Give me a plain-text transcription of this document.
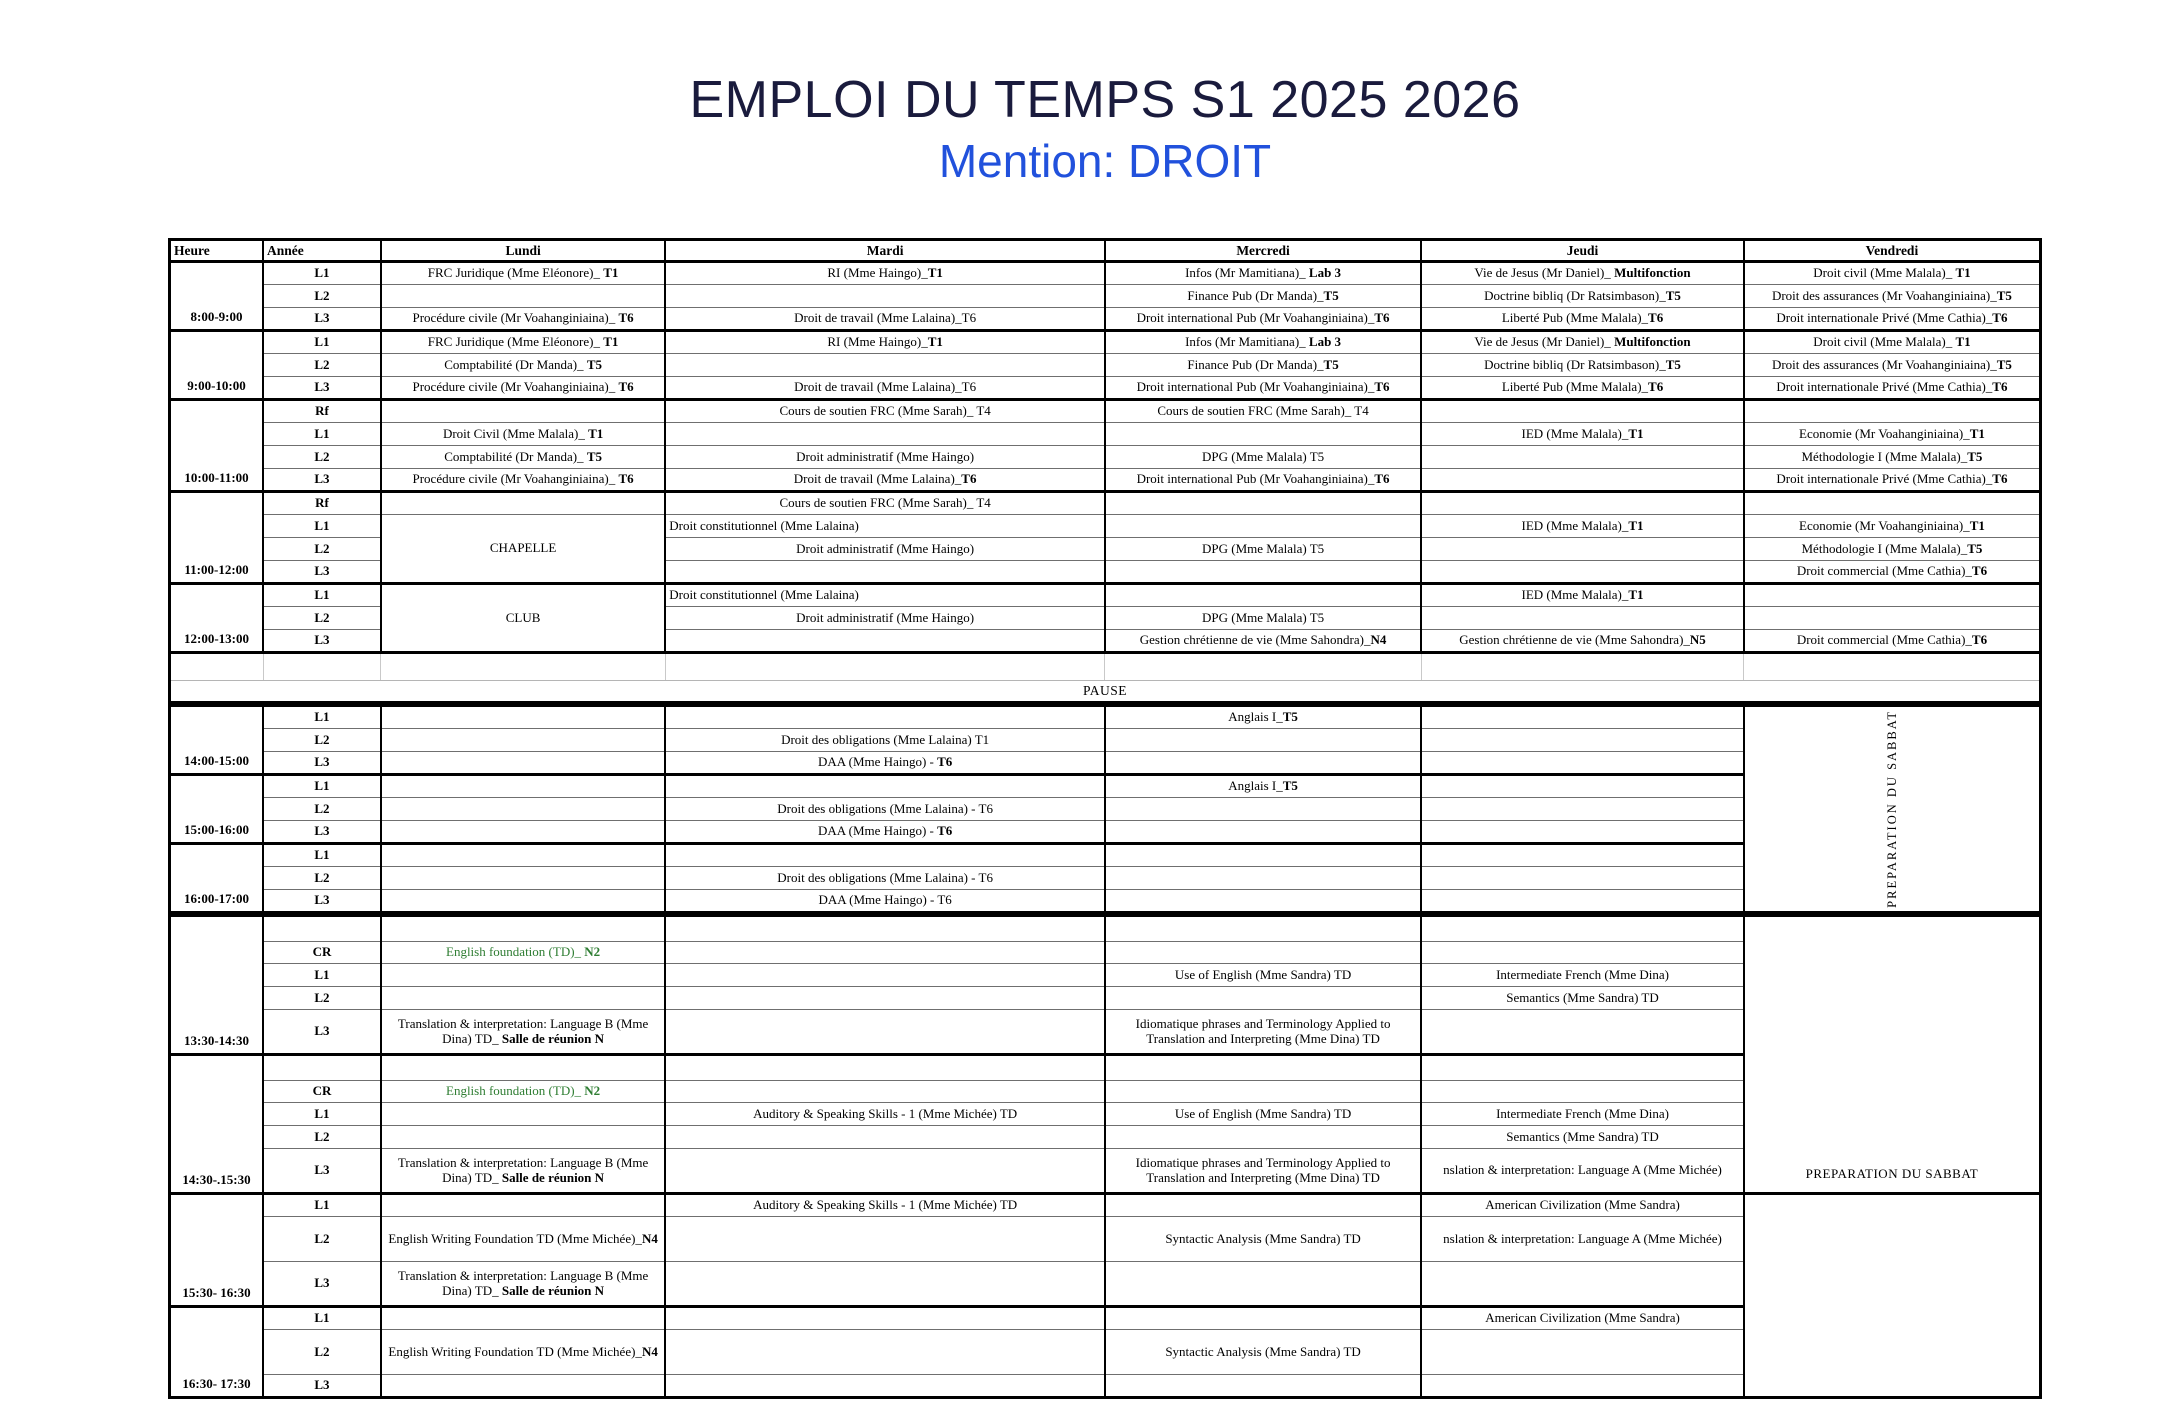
EMPLOI DU TEMPS S1 2025 2026
Mention: DROIT
Heure	Année	Lundi	Mardi	Mercredi	Jeudi	Vendredi
8:00-9:00	L1	FRC Juridique (Mme Eléonore)_ T1	RI (Mme Haingo)_T1	Infos (Mr Mamitiana)_ Lab 3	Vie de Jesus (Mr Daniel)_ Multifonction	Droit civil (Mme Malala)_ T1
	L2			Finance Pub (Dr Manda)_T5	Doctrine bibliq (Dr Ratsimbason)_T5	Droit des assurances (Mr Voahanginiaina)_T5
	L3	Procédure civile (Mr Voahanginiaina)_ T6	Droit de travail (Mme Lalaina)_T6	Droit international Pub (Mr Voahanginiaina)_T6	Liberté Pub (Mme Malala)_T6	Droit internationale Privé (Mme Cathia)_T6
9:00-10:00	L1	FRC Juridique (Mme Eléonore)_ T1	RI (Mme Haingo)_T1	Infos (Mr Mamitiana)_ Lab 3	Vie de Jesus (Mr Daniel)_ Multifonction	Droit civil (Mme Malala)_ T1
	L2	Comptabilité (Dr Manda)_ T5		Finance Pub (Dr Manda)_T5	Doctrine bibliq (Dr Ratsimbason)_T5	Droit des assurances (Mr Voahanginiaina)_T5
	L3	Procédure civile (Mr Voahanginiaina)_ T6	Droit de travail (Mme Lalaina)_T6	Droit international Pub (Mr Voahanginiaina)_T6	Liberté Pub (Mme Malala)_T6	Droit internationale Privé (Mme Cathia)_T6
10:00-11:00	Rf		Cours de soutien FRC (Mme Sarah)_ T4	Cours de soutien FRC (Mme Sarah)_ T4		
	L1	Droit Civil (Mme Malala)_ T1			IED (Mme Malala)_T1	Economie (Mr Voahanginiaina)_T1
	L2	Comptabilité (Dr Manda)_ T5	Droit administratif (Mme Haingo)	DPG (Mme Malala) T5		Méthodologie I (Mme Malala)_T5
	L3	Procédure civile (Mr Voahanginiaina)_ T6	Droit de travail (Mme Lalaina)_T6	Droit international Pub (Mr Voahanginiaina)_T6		Droit internationale Privé (Mme Cathia)_T6
11:00-12:00	Rf		Cours de soutien FRC (Mme Sarah)_ T4			
	L1	CHAPELLE	Droit constitutionnel (Mme Lalaina)		IED (Mme Malala)_T1	Economie (Mr Voahanginiaina)_T1
	L2		Droit administratif (Mme Haingo)	DPG (Mme Malala) T5		Méthodologie I (Mme Malala)_T5
	L3					Droit commercial (Mme Cathia)_T6
12:00-13:00	L1	CLUB	Droit constitutionnel (Mme Lalaina)		IED (Mme Malala)_T1	
	L2		Droit administratif (Mme Haingo)	DPG (Mme Malala) T5		
	L3			Gestion chrétienne de vie (Mme Sahondra)_N4	Gestion chrétienne de vie (Mme Sahondra)_N5	Droit commercial (Mme Cathia)_T6

PAUSE						
14:00-15:00	L1			Anglais I_T5		PREPARATION DU SABBAT

	L2		Droit des obligations (Mme Lalaina) T1			
	L3		DAA (Mme Haingo) - T6			
15:00-16:00	L1			Anglais I_T5		
	L2		Droit des obligations (Mme Lalaina) - T6			
	L3		DAA (Mme Haingo) - T6			
16:00-17:00	L1					
	L2		Droit des obligations (Mme Lalaina) - T6			
	L3		DAA (Mme Haingo) - T6			
13:30-14:30						PREPARATION DU SABBAT
	CR	English foundation (TD)_ N2				
	L1			Use of English (Mme Sandra) TD	Intermediate French (Mme Dina)	
	L2				Semantics (Mme Sandra) TD	
	L3	Translation & interpretation: Language B (Mme Dina) TD_ Salle de réunion N		Idiomatique phrases and Terminology Applied to Translation and Interpreting (Mme Dina) TD		
14:30-.15:30						
	CR	English foundation (TD)_ N2				
	L1		Auditory & Speaking Skills - 1 (Mme Michée) TD	Use of English (Mme Sandra) TD	Intermediate French (Mme Dina)	
	L2				Semantics (Mme Sandra) TD	
	L3	Translation & interpretation: Language B (Mme Dina) TD_ Salle de réunion N		Idiomatique phrases and Terminology Applied to Translation and Interpreting (Mme Dina) TD	nslation & interpretation: Language A (Mme Michée)	
15:30- 16:30	L1		Auditory & Speaking Skills - 1 (Mme Michée) TD		American Civilization (Mme Sandra)	
	L2	English Writing Foundation TD (Mme Michée)_N4		Syntactic Analysis (Mme Sandra) TD	nslation & interpretation: Language A (Mme Michée)	
	L3	Translation & interpretation: Language B (Mme Dina) TD_ Salle de réunion N				
16:30- 17:30	L1				American Civilization (Mme Sandra)	
	L2	English Writing Foundation TD (Mme Michée)_N4		Syntactic Analysis (Mme Sandra) TD		
	L3					
